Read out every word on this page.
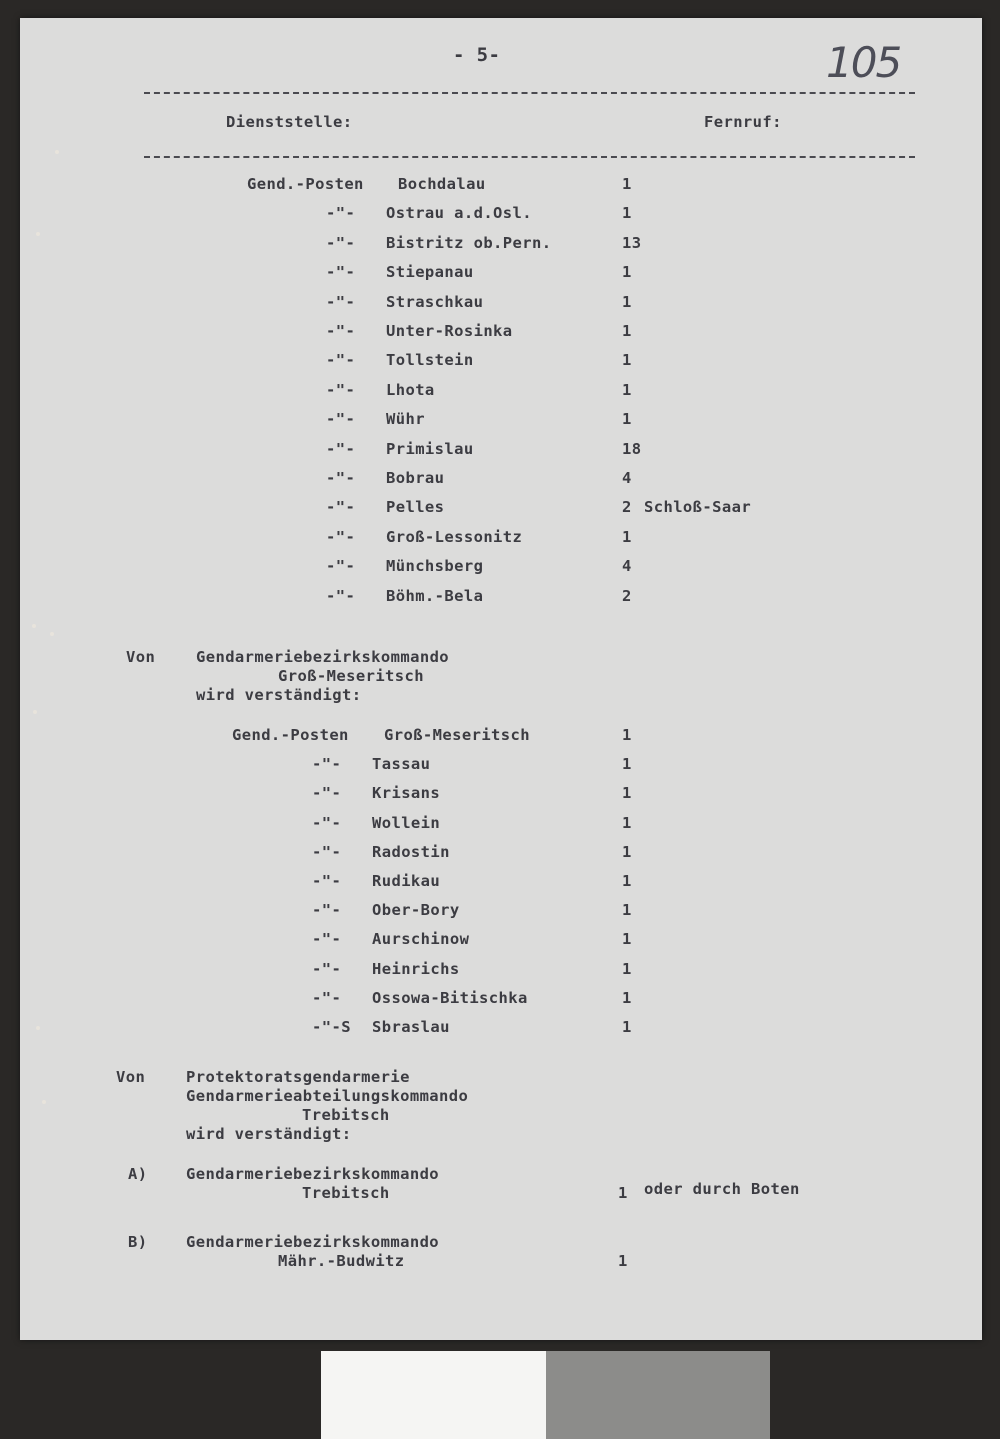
- 5-	105
Dienststelle:	Fernruf:
Gend.-Posten Bochdalau	1
-"- Ostrau a.d.Osl.	1
-"- Bistritz ob.Pern.	13
-"- Stiepanau	1
-"- Straschkau	1
-"- Unter-Rosinka	1
-"- Tollstein	1
-"- Lhota	1
-"- Wühr	1
-"- Primislau	18
-"- Bobrau	4
-"- Pelles	2 Schloß-Saar
-"- Groß-Lessonitz	1
-"- Münchsberg	4
-"- Böhm.-Bela	2
Von	Gendarmeriebezirkskommando
Groß-Meseritsch
wird verständigt:
Gend.-Posten Groß-Meseritsch	1
-"- Tassau	1
-"- Krisans	1
-"- Wollein	1
-"- Radostin	1
-"- Rudikau	1
-"- Ober-Bory	1
-"- Aurschinow	1
-"- Heinrichs	1
-"- Ossowa-Bitischka	1
-"-S Sbraslau	1
Von	Protektoratsgendarmerie
Gendarmerieabteilungskommando
Trebitsch
wird verständigt:
A) Gendarmeriebezirkskommando
Trebitsch	1 oder durch Boten
B) Gendarmeriebezirkskommando
Mähr.-Budwitz	1
